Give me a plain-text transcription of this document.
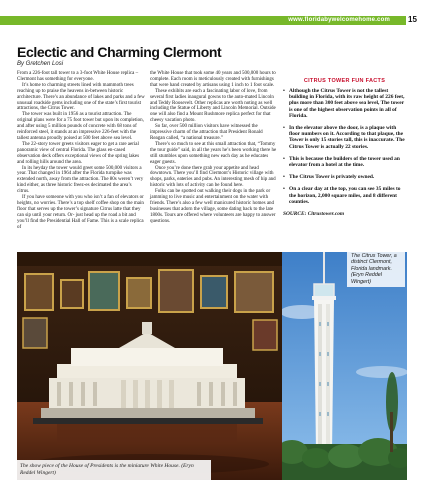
www.floridabywelcomehome.com 15
Eclectic and Charming Clermont
By Gretchen Losi

From a 226-foot tall tower to a 3-foot White House replica – Clermont has something for everyone.

It’s home to charming streets lined with mammoth trees reaching up to praise the heavens in-between historic architecture. There’s an abundance of lakes and parks and a few unusual roadside gems including one of the state’s first tourist attractions, the Citrus Tower.

The tower was built in 1956 as a tourist attraction. The original plans were for a 75 foot tower but upon its completion, and after using 5 million pounds of concrete with 68 tons of reinforced steel, it stands at an impressive 226-feet with the tallest antenna proudly poised at 500 feet above sea level.

The 22-story tower greets visitors eager to get a rare aerial panoramic view of central Florida. The glass en-cased observation deck offers exceptional views of the spring lakes and rolling hills around the area.

In its heyday the tower would greet some 500,000 visitors a year. That changed in 1964 after the Florida turnpike was extended north, away from the attraction. The 80s weren’t very kind either, as three historic freez-es decimated the area’s citrus.

If you have someone with you who isn’t a fan of elevators or heights, no worries. There’s a top shelf coffee shop on the main floor that serves up the tower’s signature Citrus latte that they can sip until your return. Or- just head up the road a bit and you’ll find the Presidential Hall of Fame. This is a scale replica of

the White House that took some 40 years and 500,000 hours to complete. Each room is meticulously created with furnishings that were hand created by artisans using 1 inch to 1 foot scale.

These exhibits are each a fascinating labor of love, from several first ladies inaugural gowns to the auto-mated Lincoln and Teddy Roosevelt. Other replicas are worth noting as well including the Statue of Liberty and Lincoln Memorial. Outside one will also find a Mount Rushmore replica perfect for that cheesy vacation photo.

So far, over 500 million visitors have witnessed the impressive charm of the attraction that President Ronald Reagan called, “a national treasure.”

There’s so much to see at this small attraction that, “Tommy the tour guide” said, in all the years he’s been working there he still stumbles upon something new each day as he educates eager guests.

Once you’re done there grab your appetite and head downtown. There you’ll find Clermont’s Historic village with shops, parks, eateries and pubs. An interesting mesh of hip and historic with lots of activity can be found here.

Folks can be spotted out walking their dogs in the park or jamming to live music and entertainment on the water with friends. There’s also a few well manicured historic homes and businesses that adorn the village, some dating back to the late 1800s. Tours are offered where volunteers are happy to answer questions.

CITRUS TOWER FUN FACTS
• Although the Citrus Tower is not the tallest building in Florida, with its raw height of 226 feet, plus more than 300 feet above sea level, The tower is one of the highest observation points in all of Florida.
• In the elevator above the door, is a plaque with floor numbers on it. According to that plaque, the Tower is only 15 stories tall, this is inaccurate. The Citrus Tower is actually 22 stories.
• This is because the builders of the tower used an elevator from a hotel at the time.
• The Citrus Tower is privately owned.
• On a clear day at the top, you can see 35 miles to the horizon, 2,000 square miles, and 8 different counties.
SOURCE: Citrustower.com
The show piece of the House of Presidents is the miniature White House. (Eryn Reddel Wingert)
The Citrus Tower, a distinct Clermont, Florida landmark. (Eryn Reddel Wingert)
